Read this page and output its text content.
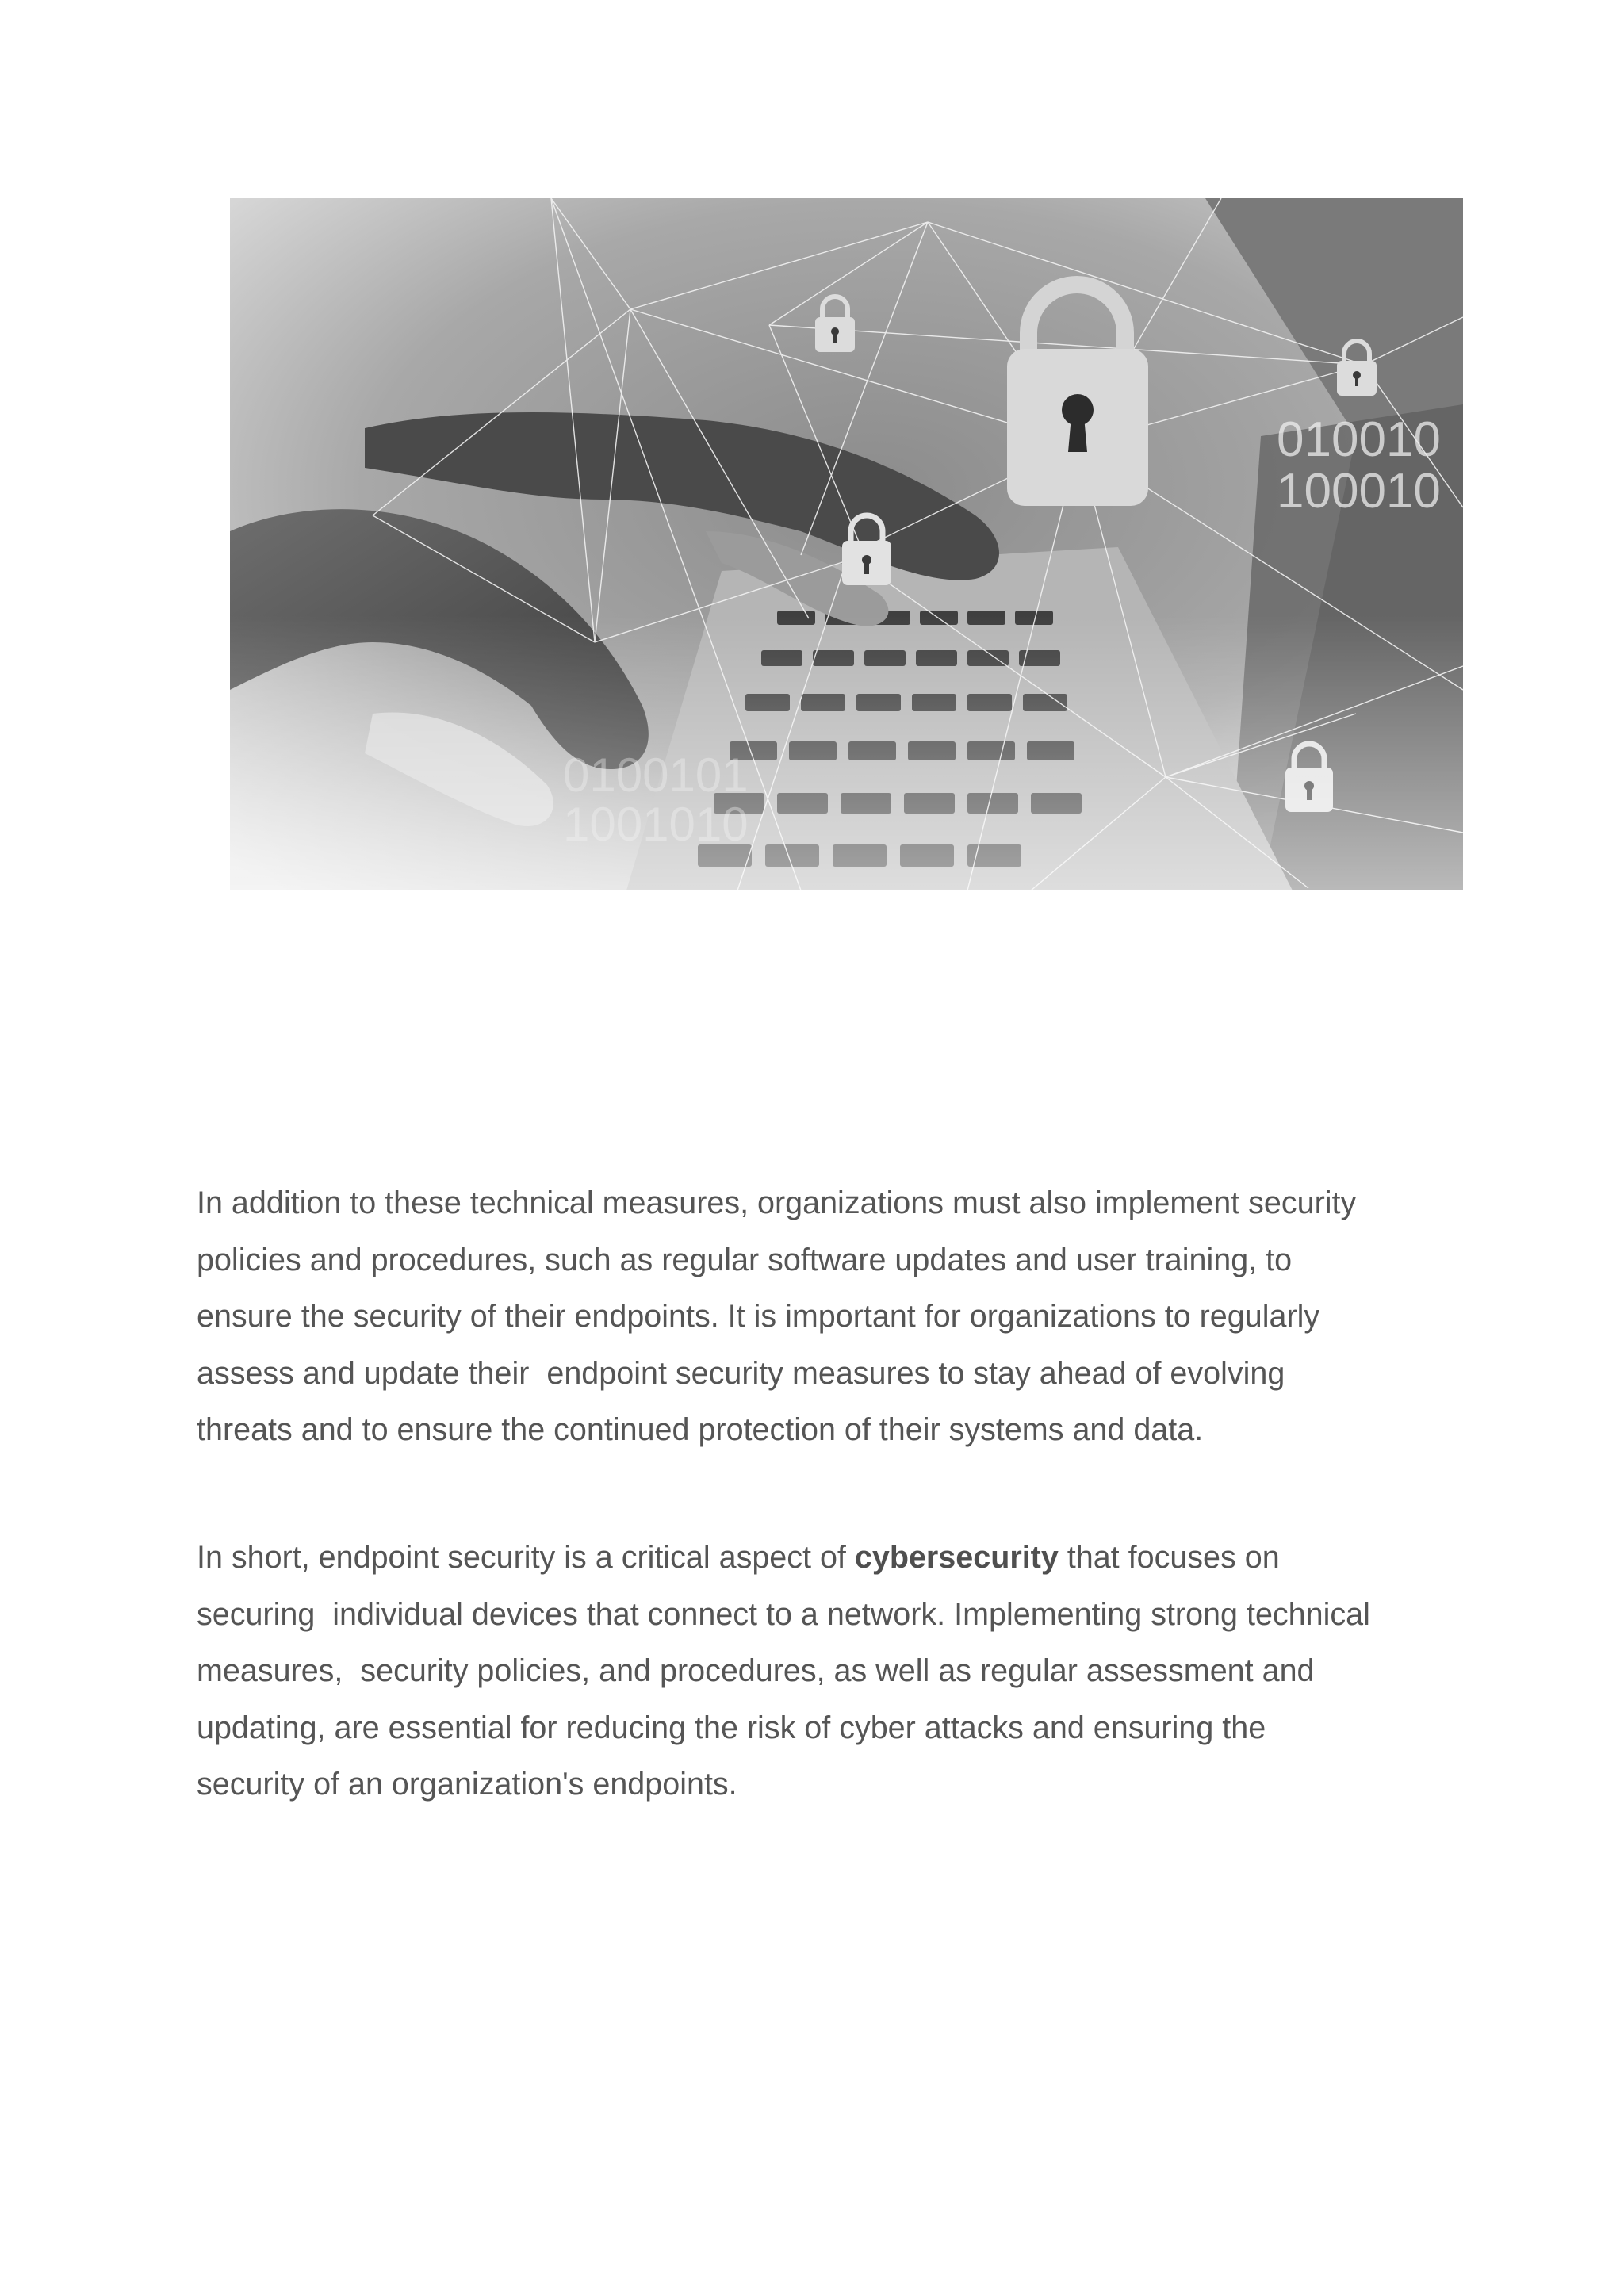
In addition to these technical measures, organizations must also implement security
policies and procedures, such as regular software updates and user training, to
ensure the security of their endpoints. It is important for organizations to regularly
assess and update their  endpoint security measures to stay ahead of evolving
threats and to ensure the continued protection of their systems and data.
In short, endpoint security is a critical aspect of cybersecurity that focuses on
securing  individual devices that connect to a network. Implementing strong technical
measures,  security policies, and procedures, as well as regular assessment and
updating, are essential for reducing the risk of cyber attacks and ensuring the
security of an organization's endpoints.
